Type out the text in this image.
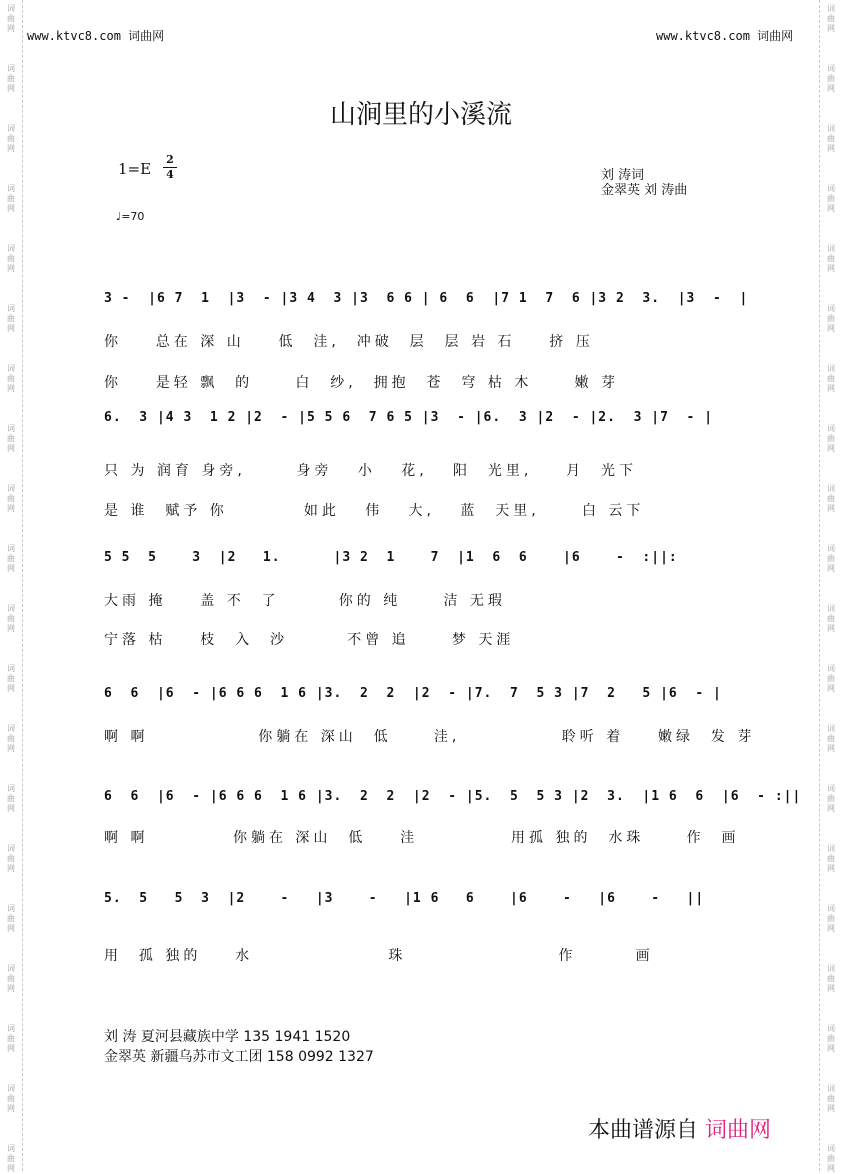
www.ktvc8.com 词曲网	www.ktvc8.com 词曲网
山涧里的小溪流
1=E
2
4
♩=70
刘 涛词
金翠英 刘 涛曲
3 -  |6 7  1  |3  - |3 4  3 |3  6 6 | 6  6  |7 1  7  6 |3 2  3.  |3  -  |
你    总在 深 山    低  洼,  冲破  层  层 岩 石    挤 压
你    是轻 飘  的     白  纱,  拥抱  苍  穹 枯 木     嫩 芽
6.  3 |4 3  1 2 |2  - |5 5 6  7 6 5 |3  - |6.  3 |2  - |2.  3 |7  - |
只 为 润育 身旁,      身旁   小   花,   阳  光里,    月  光下
是 谁  赋予 你         如此   伟   大,   蓝  天里,     白 云下
5 5  5    3  |2   1.      |3 2  1    7  |1  6  6    |6    -  :||:
大雨 掩    盖 不  了       你的 纯     洁 无瑕
宁落 枯    枝  入  沙       不曾 追     梦 天涯
6  6  |6  - |6 6 6  1 6 |3.  2  2  |2  - |7.  7  5 3 |7  2   5 |6  - |
啊 啊             你躺在 深山  低     洼,            聆听 着    嫩绿  发 芽
6  6  |6  - |6 6 6  1 6 |3.  2  2  |2  - |5.  5  5 3 |2  3.  |1 6  6  |6  - :||
啊 啊          你躺在 深山  低    洼           用孤 独的  水珠     作  画
5.  5   5  3  |2    -   |3    -   |1 6   6    |6    -   |6    -   ||
用  孤 独的    水                珠                  作       画
刘 涛 夏河县藏族中学 135 1941 1520
金翠英 新疆乌苏市文工团 158 0992 1327
本曲谱源自 词曲网
词
曲
网
词
曲
网
词
曲
网
词
曲
网
词
曲
网
词
曲
网
词
曲
网
词
曲
网
词
曲
网
词
曲
网
词
曲
网
词
曲
网
词
曲
网
词
曲
网
词
曲
网
词
曲
网
词
曲
网
词
曲
网
词
曲
网
词
曲
网
词
曲
网
词
曲
网
词
曲
网
词
曲
网
词
曲
网
词
曲
网
词
曲
网
词
曲
网
词
曲
网
词
曲
网
词
曲
网
词
曲
网
词
曲
网
词
曲
网
词
曲
网
词
曲
网
词
曲
网
词
曲
网
词
曲
网
词
曲
网
